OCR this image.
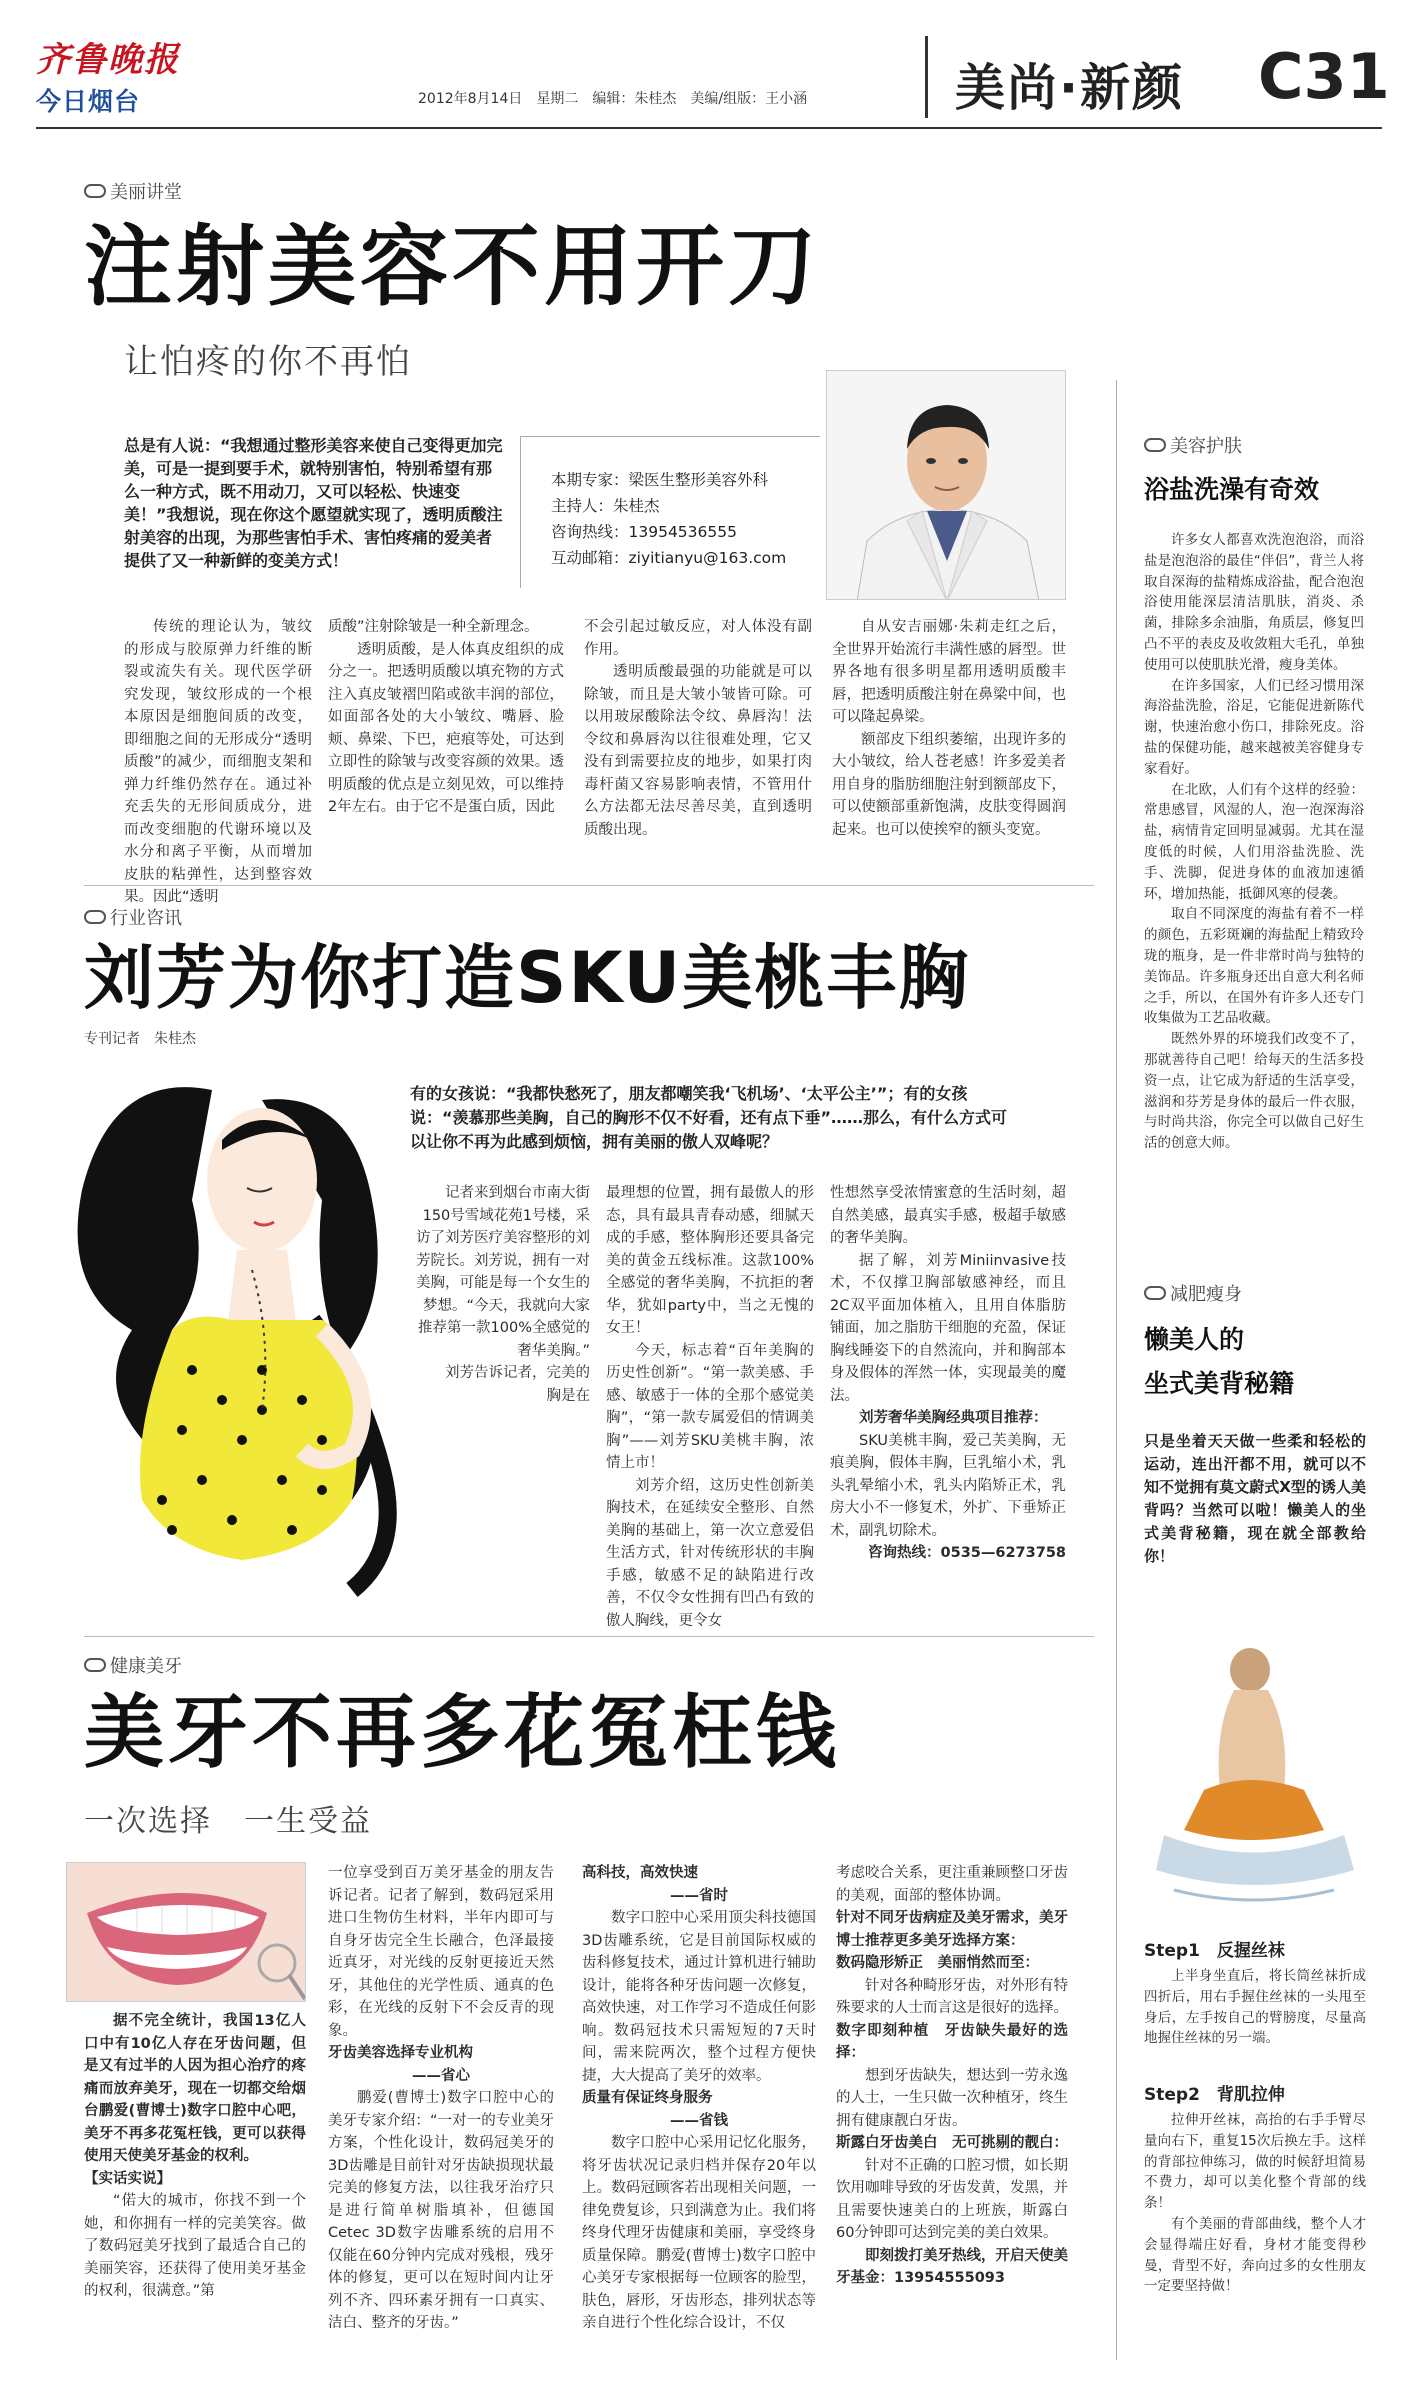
齐鲁晚报
今日烟台	2012年8月14日　星期二　编辑：朱桂杰　美编/组版：王小涵	美尚·新颜 C31
美丽讲堂
注射美容不用开刀
让怕疼的你不再怕
总是有人说：“我想通过整形美容来使自己变得更加完美，可是一提到要手术，就特别害怕，特别希望有那么一种方式，既不用动刀，又可以轻松、快速变美！”我想说，现在你这个愿望就实现了，透明质酸注射美容的出现，为那些害怕手术、害怕疼痛的爱美者提供了又一种新鲜的变美方式！
本期专家：梁医生整形美容外科
主持人：朱桂杰
咨询热线：13954536555
互动邮箱：ziyitianyu@163.com

传统的理论认为，皱纹的形成与胶原弹力纤维的断裂或流失有关。现代医学研究发现，皱纹形成的一个根本原因是细胞间质的改变，即细胞之间的无形成分“透明质酸”的减少，而细胞支架和弹力纤维仍然存在。通过补充丢失的无形间质成分，进而改变细胞的代谢环境以及水分和离子平衡，从而增加皮肤的粘弹性，达到整容效果。因此“透明

质酸”注射除皱是一种全新理念。

透明质酸，是人体真皮组织的成分之一。把透明质酸以填充物的方式注入真皮皱褶凹陷或欲丰润的部位，如面部各处的大小皱纹、嘴唇、脸颊、鼻梁、下巴，疤痕等处，可达到立即性的除皱与改变容颜的效果。透明质酸的优点是立刻见效，可以维持2年左右。由于它不是蛋白质，因此

不会引起过敏反应，对人体没有副作用。

透明质酸最强的功能就是可以除皱，而且是大皱小皱皆可除。可以用玻尿酸除法令纹、鼻唇沟！法令纹和鼻唇沟以往很难处理，它又没有到需要拉皮的地步，如果打肉毒杆菌又容易影响表情，不管用什么方法都无法尽善尽美，直到透明质酸出现。

自从安吉丽娜·朱莉走红之后，全世界开始流行丰满性感的唇型。世界各地有很多明星都用透明质酸丰唇，把透明质酸注射在鼻梁中间，也可以隆起鼻梁。

额部皮下组织萎缩，出现许多的大小皱纹，给人苍老感！许多爱美者用自身的脂肪细胞注射到额部皮下，可以使额部重新饱满，皮肤变得圆润起来。也可以使挨窄的额头变宽。

行业咨讯
刘芳为你打造SKU美桃丰胸
专刊记者　朱桂杰
有的女孩说：“我都快愁死了，朋友都嘲笑我‘飞机场’、‘太平公主’”；有的女孩说：“羡慕那些美胸，自己的胸形不仅不好看，还有点下垂”……那么，有什么方式可以让你不再为此感到烦恼，拥有美丽的傲人双峰呢？

记者来到烟台市南大街150号雪域花苑1号楼，采访了刘芳医疗美容整形的刘芳院长。刘芳说，拥有一对美胸，可能是每一个女生的梦想。“今天，我就向大家推荐第一款100%全感觉的奢华美胸。”

刘芳告诉记者，完美的胸是在

最理想的位置，拥有最傲人的形态，具有最具青春动感，细腻天成的手感，整体胸形还要具备完美的黄金五线标准。这款100%全感觉的奢华美胸，不抗拒的奢华，犹如party中，当之无愧的女王！

今天，标志着“百年美胸的历史性创新”。“第一款美感、手感、敏感于一体的全那个感觉美胸”，“第一款专属爱侣的情调美胸”——刘芳SKU美桃丰胸，浓情上市！

刘芳介绍，这历史性创新美胸技术，在延续安全整形、自然美胸的基础上，第一次立意爱侣生活方式，针对传统形状的丰胸手感，敏感不足的缺陷进行改善，不仅令女性拥有凹凸有致的傲人胸线，更令女

性想然享受浓情蜜意的生活时刻，超自然美感，最真实手感，极超手敏感的奢华美胸。

据了解，刘芳Miniinvasive技术，不仅撑卫胸部敏感神经，而且2C双平面加体植入，且用自体脂肪铺面，加之脂肪干细胞的充盈，保证胸线睡姿下的自然流向，并和胸部本身及假体的浑然一体，实现最美的魔法。

刘芳奢华美胸经典项目推荐：

SKU美桃丰胸，爱己芙美胸，无痕美胸，假体丰胸，巨乳缩小术，乳头乳晕缩小术，乳头内陷矫正术，乳房大小不一修复术，外扩、下垂矫正术，副乳切除术。

咨询热线：0535—6273758
健康美牙
美牙不再多花冤枉钱
一次选择　一生受益

据不完全统计，我国13亿人口中有10亿人存在牙齿问题，但是又有过半的人因为担心治疗的疼痛而放弃美牙，现在一切都交给烟台鹏爱(曹博士)数字口腔中心吧，美牙不再多花冤枉钱，更可以获得使用天使美牙基金的权利。

【实话实说】

“偌大的城市，你找不到一个她，和你拥有一样的完美笑容。做了数码冠美牙找到了最适合自己的美丽笑容，还获得了使用美牙基金的权利，很满意。”第

一位享受到百万美牙基金的朋友告诉记者。记者了解到，数码冠采用进口生物仿生材料，半年内即可与自身牙齿完全生长融合，色泽最接近真牙，对光线的反射更接近天然牙，其他住的光学性质、通真的色彩，在光线的反射下不会反青的现象。

牙齿美容选择专业机构

——省心

鹏爱(曹博士)数字口腔中心的美牙专家介绍：“一对一的专业美牙方案，个性化设计，数码冠美牙的3D齿雕是目前针对牙齿缺损现状最完美的修复方法，以往我牙治疗只是进行简单树脂填补，但德国Cetec 3D数字齿雕系统的启用不仅能在60分钟内完成对残根，残牙体的修复，更可以在短时间内让牙列不齐、四环素牙拥有一口真实、洁白、整齐的牙齿。”

高科技，高效快速

——省时

数字口腔中心采用顶尖科技德国3D齿雕系统，它是目前国际权威的齿科修复技术，通过计算机进行辅助设计，能将各种牙齿问题一次修复，高效快速，对工作学习不造成任何影响。数码冠技术只需短短的7天时间，需来院两次，整个过程方便快捷，大大提高了美牙的效率。

质量有保证终身服务

——省钱

数字口腔中心采用记忆化服务，将牙齿状况记录归档并保存20年以上。数码冠顾客若出现相关问题，一律免费复诊，只到满意为止。我们将终身代理牙齿健康和美丽，享受终身质量保障。鹏爱(曹博士)数字口腔中心美牙专家根据每一位顾客的脸型，肤色，唇形，牙齿形态，排列状态等亲自进行个性化综合设计，不仅

考虑咬合关系，更注重兼顾整口牙齿的美观，面部的整体协调。

针对不同牙齿病症及美牙需求，美牙博士推荐更多美牙选择方案：

数码隐形矫正　美丽悄然而至：

针对各种畸形牙齿，对外形有特殊要求的人士而言这是很好的选择。

数字即刻种植　牙齿缺失最好的选择：

想到牙齿缺失，想达到一劳永逸的人士，一生只做一次种植牙，终生拥有健康靓白牙齿。

斯露白牙齿美白　无可挑剔的靓白：

针对不正确的口腔习惯，如长期饮用咖啡导致的牙齿发黄，发黑，并且需要快速美白的上班族，斯露白60分钟即可达到完美的美白效果。

即刻拨打美牙热线，开启天使美牙基金：13954555093

美容护肤
浴盐洗澡有奇效

许多女人都喜欢洗泡泡浴，而浴盐是泡泡浴的最佳“伴侣”，背兰人将取自深海的盐精炼成浴盐，配合泡泡浴使用能深层清洁肌肤，消炎、杀菌，排除多余油脂，角质层，修复凹凸不平的表皮及收敛粗大毛孔，单独使用可以使肌肤光滑，瘦身美体。

在许多国家，人们已经习惯用深海浴盐洗脸，浴足，它能促进新陈代谢，快速治愈小伤口，排除死皮。浴盐的保健功能，越来越被美容健身专家看好。

在北欧，人们有个这样的经验：常患感冒，风湿的人，泡一泡深海浴盐，病情肯定回明显减弱。尤其在湿度低的时候，人们用浴盐洗脸、洗手、洗脚，促进身体的血液加速循环，增加热能，抵御风寒的侵袭。

取自不同深度的海盐有着不一样的颜色，五彩斑斓的海盐配上精致玲珑的瓶身，是一件非常时尚与独特的美饰品。许多瓶身还出自意大利名师之手，所以，在国外有许多人还专门收集做为工艺品收藏。

既然外界的环境我们改变不了，那就善待自己吧！给每天的生活多投资一点，让它成为舒适的生活享受，滋润和芬芳是身体的最后一件衣服，与时尚共浴，你完全可以做自己好生活的创意大师。

减肥瘦身
懒美人的
坐式美背秘籍
只是坐着天天做一些柔和轻松的运动，连出汗都不用，就可以不知不觉拥有莫文蔚式X型的诱人美背吗？当然可以啦！懒美人的坐式美背秘籍，现在就全部教给你！
Step1　反握丝袜

上半身坐直后，将长筒丝袜折成四折后，用右手握住丝袜的一头甩至身后，左手按自己的臂膀度，尽量高地握住丝袜的另一端。

Step2　背肌拉伸

拉伸开丝袜，高抬的右手手臂尽量向右下，重复15次后换左手。这样的背部拉伸练习，做的时候舒坦简易不费力，却可以美化整个背部的线条！

有个美丽的背部曲线，整个人才会显得端庄好看，身材才能变得秒曼，背型不好，奔向过多的女性朋友一定要坚持做！
